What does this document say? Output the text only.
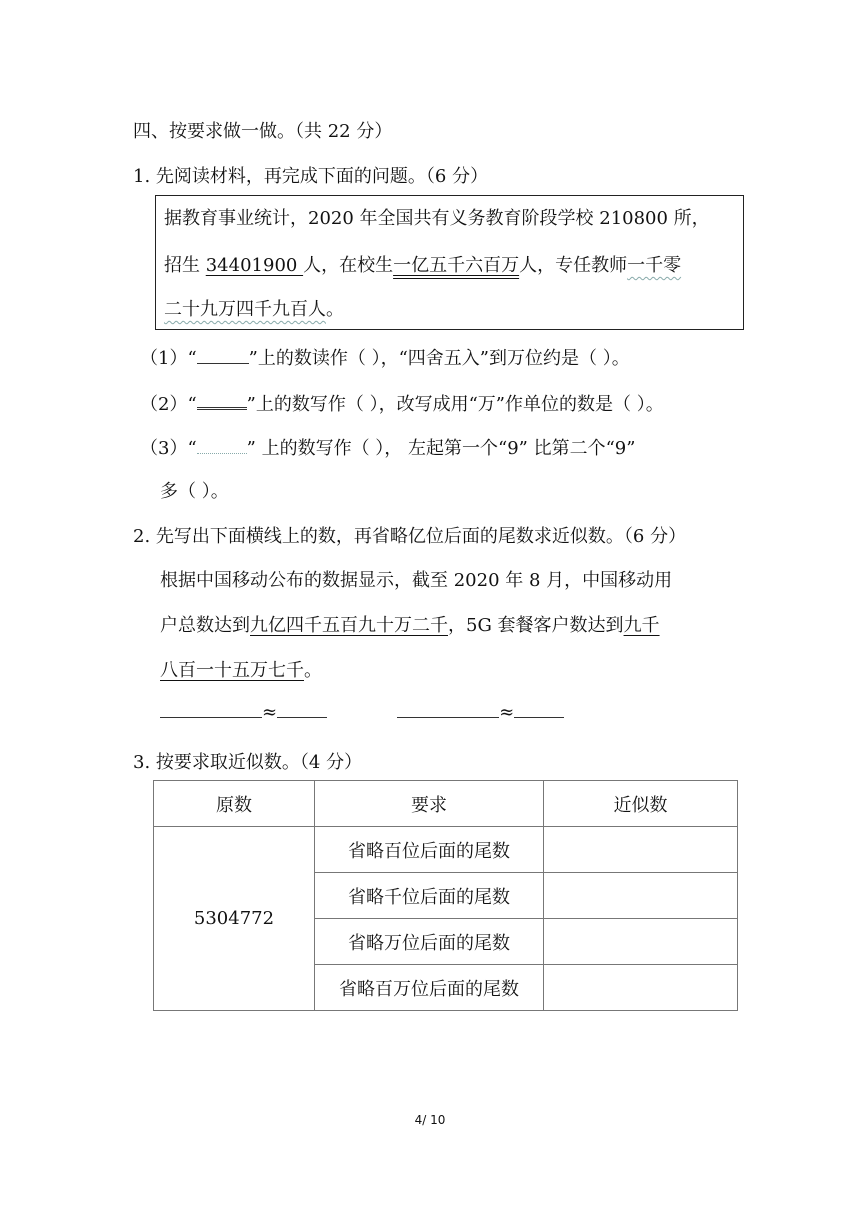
四、按要求做一做。（共 22 分）
1. 先阅读材料，再完成下面的问题。（6 分）
据教育事业统计，2020 年全国共有义务教育阶段学校 210800 所，
招生 34401900 人，在校生一亿五千六百万人，专任教师一千零
二十九万四千九百人。
（1）“	”上的数读作（ ），“四舍五入”到万位约是（ ）。
（2）“	”上的数写作（ ），改写成用“万”作单位的数是（ ）。
（3）“	” 上的数写作（ ）， 左起第一个“9” 比第二个“9”
多（ ）。
2. 先写出下面横线上的数，再省略亿位后面的尾数求近似数。（6 分）
根据中国移动公布的数据显示，截至 2020 年 8 月，中国移动用
户总数达到九亿四千五百九十万二千，5G 套餐客户数达到九千
八百一十五万七千。
≈	≈
3. 按要求取近似数。（4 分）
原数	要求	近似数
5304772	省略百位后面的尾数	
	省略千位后面的尾数	
	省略万位后面的尾数	
	省略百万位后面的尾数	
4/ 10
